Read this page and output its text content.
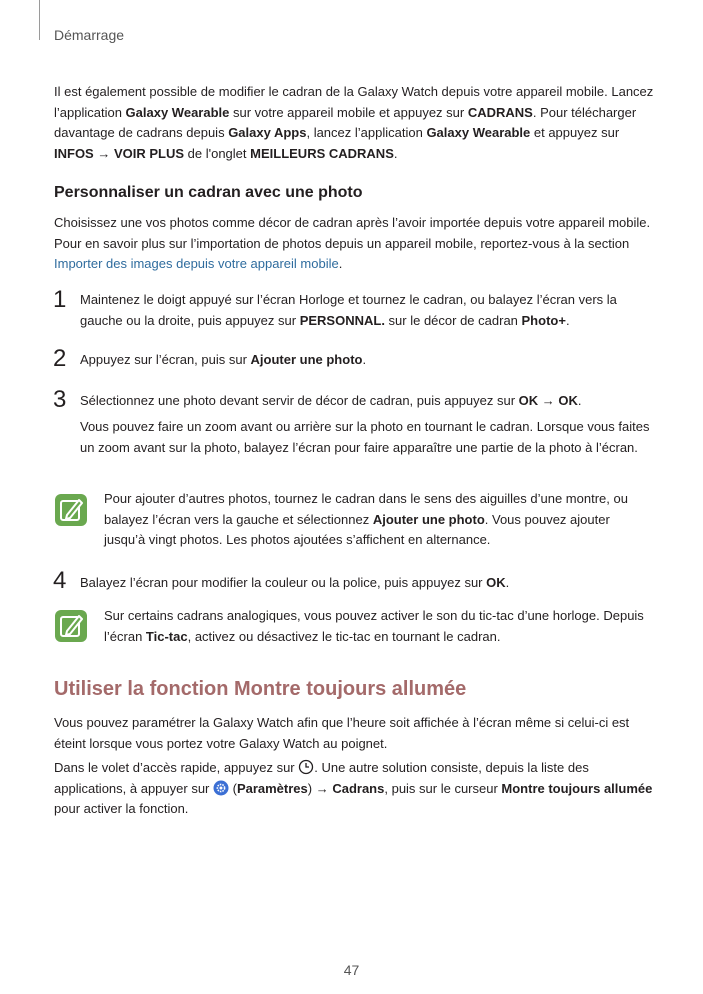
Démarrage

Il est également possible de modifier le cadran de la Galaxy Watch depuis votre appareil mobile. Lancez l’application Galaxy Wearable sur votre appareil mobile et appuyez sur CADRANS. Pour télécharger davantage de cadrans depuis Galaxy Apps, lancez l’application Galaxy Wearable et appuyez sur INFOS → VOIR PLUS de l'onglet MEILLEURS CADRANS.

Personnaliser un cadran avec une photo

Choisissez une vos photos comme décor de cadran après l’avoir importée depuis votre appareil mobile. Pour en savoir plus sur l’importation de photos depuis un appareil mobile, reportez-vous à la section Importer des images depuis votre appareil mobile.

1 Maintenez le doigt appuyé sur l’écran Horloge et tournez le cadran, ou balayez l’écran vers la gauche ou la droite, puis appuyez sur PERSONNAL. sur le décor de cadran Photo+.

2 Appuyez sur l’écran, puis sur Ajouter une photo.

3 Sélectionnez une photo devant servir de décor de cadran, puis appuyez sur OK → OK.

Vous pouvez faire un zoom avant ou arrière sur la photo en tournant le cadran. Lorsque vous faites un zoom avant sur la photo, balayez l’écran pour faire apparaître une partie de la photo à l’écran.

Pour ajouter d’autres photos, tournez le cadran dans le sens des aiguilles d’une montre, ou balayez l’écran vers la gauche et sélectionnez Ajouter une photo. Vous pouvez ajouter jusqu’à vingt photos. Les photos ajoutées s’affichent en alternance.

4 Balayez l’écran pour modifier la couleur ou la police, puis appuyez sur OK.

Sur certains cadrans analogiques, vous pouvez activer le son du tic-tac d’une horloge. Depuis l’écran Tic-tac, activez ou désactivez le tic-tac en tournant le cadran.

Utiliser la fonction Montre toujours allumée

Vous pouvez paramétrer la Galaxy Watch afin que l’heure soit affichée à l’écran même si celui-ci est éteint lorsque vous portez votre Galaxy Watch au poignet.

Dans le volet d’accès rapide, appuyez sur . Une autre solution consiste, depuis la liste des applications, à appuyer sur  (Paramètres) → Cadrans, puis sur le curseur Montre toujours allumée pour activer la fonction.

47
